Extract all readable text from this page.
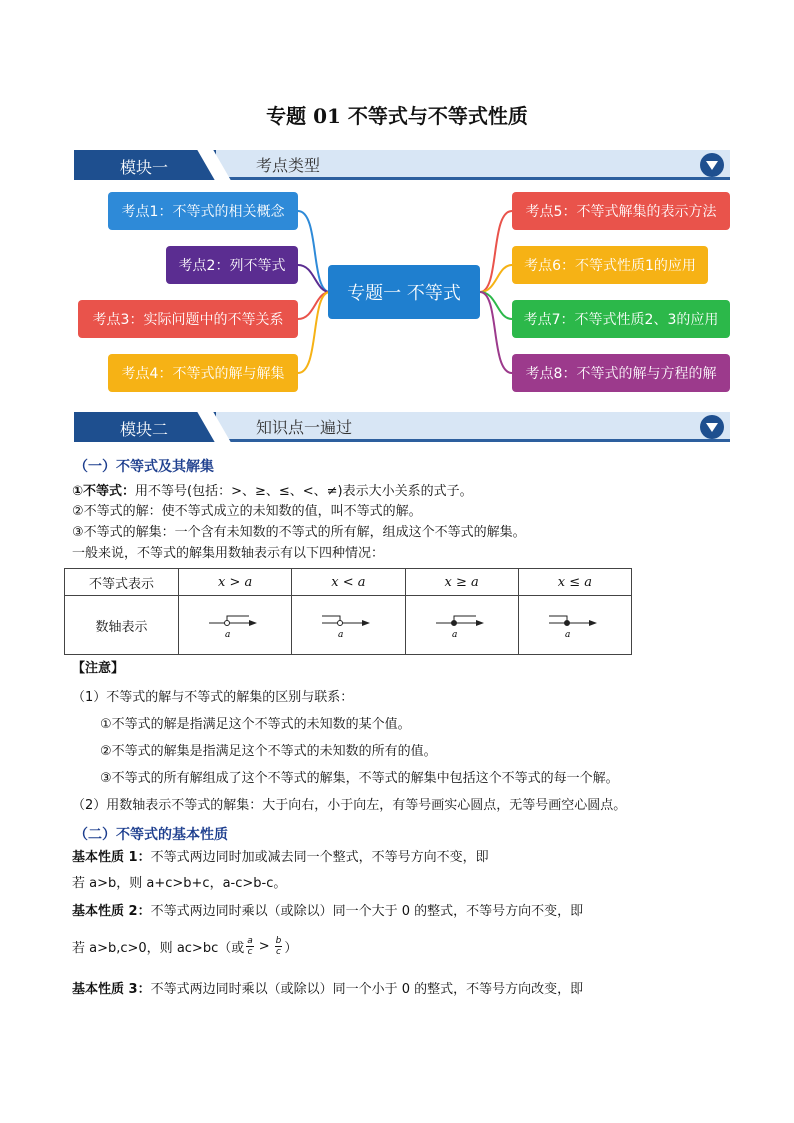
专题 01 不等式与不等式性质
模块一	考点类型
考点1：不等式的相关概念
考点2：列不等式
考点3：实际问题中的不等关系
考点4：不等式的解与解集
专题一 不等式
考点5：不等式解集的表示方法
考点6：不等式性质1的应用
考点7：不等式性质2、3的应用
考点8：不等式的解与方程的解
模块二	知识点一遍过
（一）不等式及其解集
①不等式：用不等号(包括：>、≥、≤、<、≠)表示大小关系的式子。
②不等式的解：使不等式成立的未知数的值，叫不等式的解。
③不等式的解集：一个含有未知数的不等式的所有解，组成这个不等式的解集。
一般来说，不等式的解集用数轴表示有以下四种情况：
不等式表示	x > a	x < a	x ≥ a	x ≤ a
数轴表示	a	a	a	a
【注意】
（1）不等式的解与不等式的解集的区别与联系：
①不等式的解是指满足这个不等式的未知数的某个值。
②不等式的解集是指满足这个不等式的未知数的所有的值。
③不等式的所有解组成了这个不等式的解集，不等式的解集中包括这个不等式的每一个解。
（2）用数轴表示不等式的解集：大于向右，小于向左，有等号画实心圆点，无等号画空心圆点。
（二）不等式的基本性质
基本性质 1：不等式两边同时加或减去同一个整式，不等号方向不变，即
若 a>b，则 a+c>b+c，a-c>b-c。
基本性质 2：不等式两边同时乘以（或除以）同一个大于 0 的整式，不等号方向不变，即
若 a>b,c>0，则 ac>bc（或 $\frac{a}{c} > \frac{b}{c}$ ）
基本性质 3：不等式两边同时乘以（或除以）同一个小于 0 的整式，不等号方向改变，即
